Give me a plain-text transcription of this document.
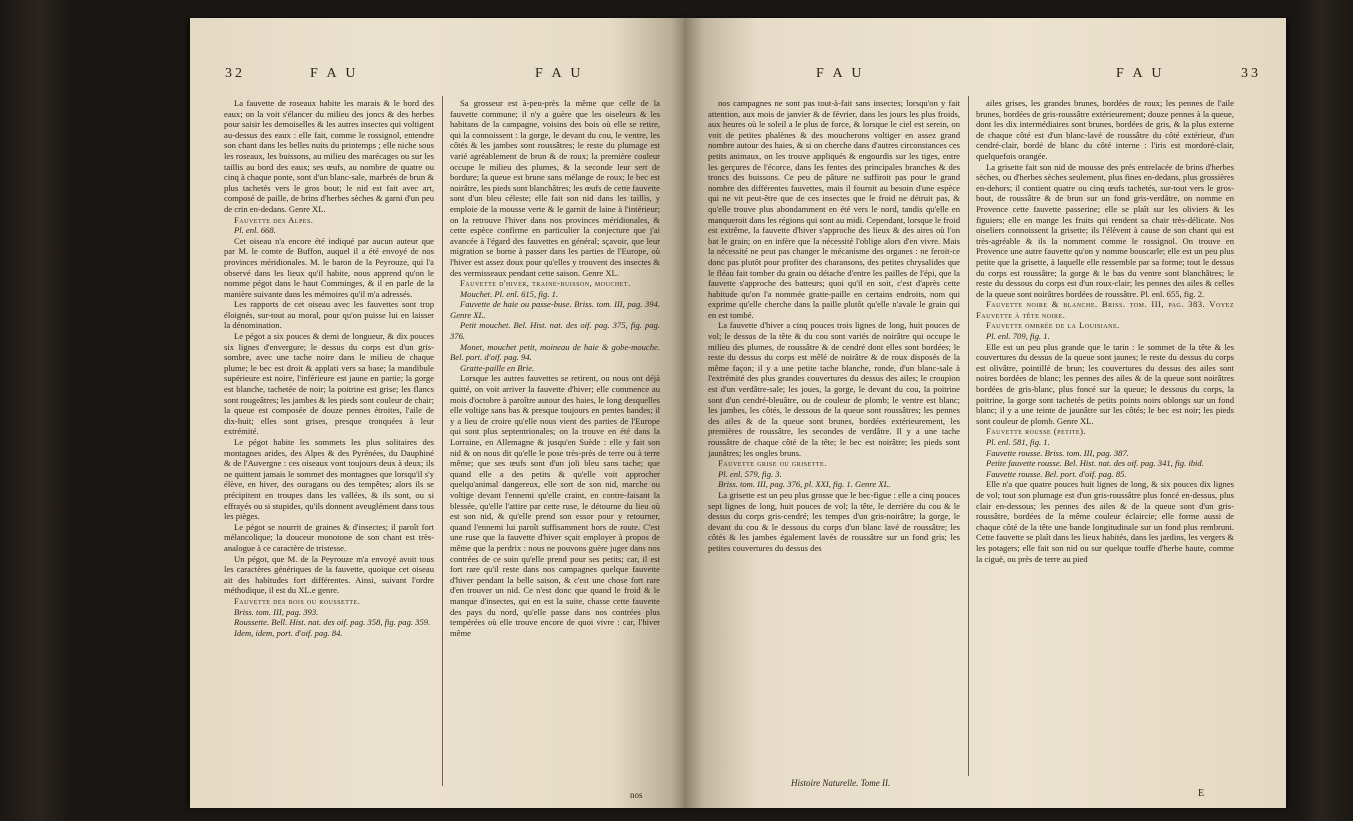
32	F A U	F A U

La fauvette de roseaux habite les marais & le bord des eaux; on la voit s'élancer du milieu des joncs & des herbes pour saisir les demoiselles & les autres insectes qui voltigent au-dessus des eaux : elle fait, comme le rossignol, entendre son chant dans les belles nuits du printemps ; elle niche sous les roseaux, les buissons, au milieu des marécages ou sur les taillis au bord des eaux; ses œufs, au nombre de quatre ou cinq à chaque ponte, sont d'un blanc-sale, marbrés de brun & plus tachetés vers le gros bout; le nid est fait avec art, composé de paille, de brins d'herbes sèches & garni d'un peu de crin en-dedans. Genre XL.

Fauvette des Alpes.

Pl. enl. 668.

Cet oiseau n'a encore été indiqué par aucun auteur que par M. le comte de Buffon, auquel il a été envoyé de nos provinces méridionales. M. le baron de la Peyrouze, qui l'a observé dans les lieux qu'il habite, nous apprend qu'on le nomme pégot dans le haut Comminges, & il en parle de la manière suivante dans les mémoires qu'il m'a adressés.

Les rapports de cet oiseau avec les fauvettes sont trop éloignés, sur-tout au moral, pour qu'on puisse lui en laisser la dénomination.

Le pégot a six pouces & demi de longueur, & dix pouces six lignes d'envergure; le dessus du corps est d'un gris-sombre, avec une tache noire dans le milieu de chaque plume; le bec est droit & applati vers sa base; la mandibule supérieure est noire, l'inférieure est jaune en partie; la gorge est blanche, tachetée de noir; la poitrine est grise; les flancs sont rougeâtres; les jambes & les pieds sont couleur de chair; la queue est composée de douze pennes étroites, l'aile de dix-huit; elles sont grises, presque tronquées à leur extrémité.

Le pégot habite les sommets les plus solitaires des montagnes arides, des Alpes & des Pyrénées, du Dauphiné & de l'Auvergne : ces oiseaux vont toujours deux à deux; ils ne quittent jamais le sommet des montagnes que lorsqu'il s'y élève, en hiver, des ouragans ou des tempêtes; alors ils se précipitent en troupes dans les vallées, & ils sont, ou si effrayés ou si stupides, qu'ils donnent aveuglément dans tous les pièges.

Le pégot se nourrit de graines & d'insectes; il paroît fort mélancolique; la douceur monotone de son chant est très-analogue à ce caractère de tristesse.

Un pégot, que M. de la Peyrouze m'a envoyé avoit tous les caractères génériques de la fauvette, quoique cet oiseau ait des habitudes fort différentes. Ainsi, suivant l'ordre méthodique, il est du XL.e genre.

Fauvette des bois ou roussette.

Briss. tom. III, pag. 393.

Roussette. Bell. Hist. nat. des oif. pag. 358, fig. pag. 359.

Idem, idem, port. d'oif. pag. 84.

Sa grosseur est à-peu-près la même que celle de la fauvette commune; il n'y a guère que les oiseleurs & les habitans de la campagne, voisins des bois où elle se retire, qui la connoissent : la gorge, le devant du cou, le ventre, les côtés & les jambes sont roussâtres; le reste du plumage est varié agréablement de brun & de roux; la première couleur occupe le milieu des plumes, & la seconde leur sert de bordure; la queue est brune sans mélange de roux; le bec est noirâtre, les pieds sont blanchâtres; les œufs de cette fauvette sont d'un bleu céleste; elle fait son nid dans les taillis, y emploie de la mousse verte & le garnit de laine à l'intérieur; on la retrouve l'hiver dans nos provinces méridionales, & cette espèce confirme en particulier la conjecture que j'ai avancée à l'égard des fauvettes en général; sçavoir, que leur migration se borne à passer dans les parties de l'Europe, où l'hiver est assez doux pour qu'elles y trouvent des insectes & des vermisseaux pendant cette saison. Genre XL.

Fauvette d'hiver, traine-buisson, mouchet.

Mouchet. Pl. enl. 615, fig. 1.

Fauvette de haie ou passe-buse. Briss. tom. III, pag. 394. Genre XL.

Petit mouchet. Bel. Hist. nat. des oif. pag. 375, fig. pag. 376.

Monet, mouchet petit, moineau de haie & gobe-mouche. Bel. port. d'oif. pag. 94.

Gratte-paille en Brie.

Lorsque les autres fauvettes se retirent, ou nous ont déjà quitté, on voit arriver la fauvette d'hiver; elle commence au mois d'octobre à paroître autour des haies, le long desquelles elle voltige sans bas & presque toujours en pentes bandes; il y a lieu de croire qu'elle nous vient des parties de l'Europe qui sont plus septentrionales; on la trouve en été dans la Lorraine, en Allemagne & jusqu'en Suède : elle y fait son nid & on nous dit qu'elle le pose très-près de terre ou à terre même; que ses œufs sont d'un joli bleu sans tache; que quand elle a des petits & qu'elle voit approcher quelqu'animal dangereux, elle sort de son nid, marche ou voltige devant l'ennemi qu'elle craint, en contre-faisant la blessée, qu'elle l'attire par cette ruse, le détourne du lieu où est son nid, & qu'elle prend son essor pour y retourner, quand l'ennemi lui paroît suffisamment hors de route. C'est une ruse que la fauvette d'hiver sçait employer à propos de même que la perdrix : nous ne pouvons guère juger dans nos contrées de ce soin qu'elle prend pour ses petits; car, il est fort rare qu'il reste dans nos campagnes quelque fauvette d'hiver pendant la belle saison, & c'est une chose fort rare d'en trouver un nid. Ce n'est donc que quand le froid & le manque d'insectes, qui en est la suite, chasse cette fauvette des pays du nord, qu'elle passe dans nos contrées plus tempérées où elle trouve encore de quoi vivre : car, l'hiver même

nos
F A U	F A U	33

nos campagnes ne sont pas tout-à-fait sans insectes; lorsqu'on y fait attention, aux mois de janvier & de février, dans les jours les plus froids, aux heures où le soleil a le plus de force, & lorsque le ciel est serein, on voit de petites phalènes & des moucherons voltiger en assez grand nombre autour des haies, & si on cherche dans d'autres circonstances ces petits animaux, on les trouve appliqués & engourdis sur les tiges, entre les gerçures de l'écorce, dans les fentes des principales branches & des troncs des buissons. Ce peu de pâture ne suffiroit pas pour le grand nombre des différentes fauvettes, mais il fournit au besoin d'une espèce qui ne vit peut-être que de ces insectes que le froid ne détruit pas, & qu'elle trouve plus abondamment en été vers le nord, tandis qu'elle en manqueroit dans les régions qui sont au midi. Cependant, lorsque le froid est extrême, la fauvette d'hiver s'approche des lieux & des aires où l'on bat le grain; on en infère que la nécessité l'oblige alors d'en vivre. Mais la nécessité ne peut pas changer le mécanisme des organes : ne feroit-ce donc pas plutôt pour profiter des charansons, des petites chrysalides que le fléau fait tomber du grain ou détache d'entre les pailles de l'épi, que la fauvette s'approche des batteurs; quoi qu'il en soit, c'est d'après cette habitude qu'on l'a nommée gratte-paille en certains endroits, nom qui exprime qu'elle cherche dans la paille plutôt qu'elle n'avale le grain qui en est tombé.

La fauvette d'hiver a cinq pouces trois lignes de long, huit pouces de vol; le dessus de la tête & du cou sont variés de noirâtre qui occupe le milieu des plumes, de roussâtre & de cendré dont elles sont bordées; le reste du dessus du corps est mêlé de noirâtre & de roux disposés de la même façon; il y a une petite tache blanche, ronde, d'un blanc-sale à l'extrémité des plus grandes couvertures du dessus des ailes; le croupion est d'un verdâtre-sale; les joues, la gorge, le devant du cou, la poitrine sont d'un cendré-bleuâtre, ou de couleur de plomb; le ventre est blanc; les jambes, les côtés, le dessous de la queue sont roussâtres; les pennes des ailes & de la queue sont brunes, bordées extérieurement, les premières de roussâtre, les secondes de verdâtre. Il y a une tache roussâtre de chaque côté de la tête; le bec est noirâtre; les pieds sont jaunâtres; les ongles bruns.

Fauvette grise ou grisette.

Pl. enl. 579, fig. 3.

Briss. tom. III, pag. 376, pl. XXI, fig. 1. Genre XL.

La grisette est un peu plus grosse que le bec-figue : elle a cinq pouces sept lignes de long, huit pouces de vol; la tête, le derrière du cou & le dessus du corps gris-cendré; les tempes d'un gris-noirâtre; la gorge, le devant du cou & le dessous du corps d'un blanc lavé de roussâtre; les côtés & les jambes également lavés de roussâtre sur un fond gris; les petites couvertures du dessus des

ailes grises, les grandes brunes, bordées de roux; les pennes de l'aile brunes, bordées de gris-roussâtre extérieurement; douze pennes à la queue, dont les dix intermédiaires sont brunes, bordées de gris, & la plus externe de chaque côté est d'un blanc-lavé de roussâtre du côté extérieur, d'un cendré-clair, bordé de blanc du côté interne : l'iris est mordoré-clair, quelquefois orangée.

La grisette fait son nid de mousse des prés entrelacée de brins d'herbes sèches, ou d'herbes sèches seulement, plus fines en-dedans, plus grossières en-dehors; il contient quatre ou cinq œufs tachetés, sur-tout vers le gros-bout, de roussâtre & de brun sur un fond gris-verdâtre, on nomme en Provence cette fauvette passerine; elle se plaît sur les oliviers & les figuiers; elle en mange les fruits qui rendent sa chair très-délicate. Nos oiseliers connoissent la grisette; ils l'élèvent à cause de son chant qui est très-agréable & ils la nomment comme le rossignol. On trouve en Provence une autre fauvette qu'on y nomme bouscarle; elle est un peu plus petite que la grisette, à laquelle elle ressemble par sa forme; tout le dessus du corps est roussâtre; la gorge & le bas du ventre sont blanchâtres; le reste du dessous du corps est d'un roux-clair; les pennes des ailes & celles de la queue sont noirâtres bordées de roussâtre. Pl. enl. 655, fig. 2.

Fauvette noire & blanche. Briss. tom. III, pag. 383. Voyez Fauvette à tête noire.

Fauvette ombrée de la Louisiane.

Pl. enl. 709, fig. 1.

Elle est un peu plus grande que le tarin : le sommet de la tête & les couvertures du dessus de la queue sont jaunes; le reste du dessus du corps est olivâtre, pointillé de brun; les couvertures du dessus des ailes sont noires bordées de blanc; les pennes des ailes & de la queue sont noirâtres bordées de gris-blanc, plus foncé sur la queue; le dessous du corps, la poitrine, la gorge sont tachetés de petits points noirs oblongs sur un fond blanc; il y a une teinte de jaunâtre sur les côtés; le bec est noir; les pieds sont couleur de plomb. Genre XL.

Fauvette rousse (petite).

Pl. enl. 581, fig. 1.

Fauvette rousse. Briss. tom. III, pag. 387.

Petite fauvette rousse. Bel. Hist. nat. des oif. pag. 341, fig. ibid.

Fauvette rousse. Bel. port. d'oif. pag. 85.

Elle n'a que quatre pouces huit lignes de long, & six pouces dix lignes de vol; tout son plumage est d'un gris-roussâtre plus foncé en-dessus, plus clair en-dessous; les pennes des ailes & de la queue sont d'un gris-roussâtre, bordées de la même couleur éclaircie; elle forme aussi de chaque côté de la tête une bande longitudinale sur un fond plus rembruni. Cette fauvette se plaît dans les lieux habités, dans les jardins, les vergers & les potagers; elle fait son nid ou sur quelque touffe d'herbe haute, comme la ciguë, ou près de terre au pied

Histoire Naturelle. Tome II.
E
